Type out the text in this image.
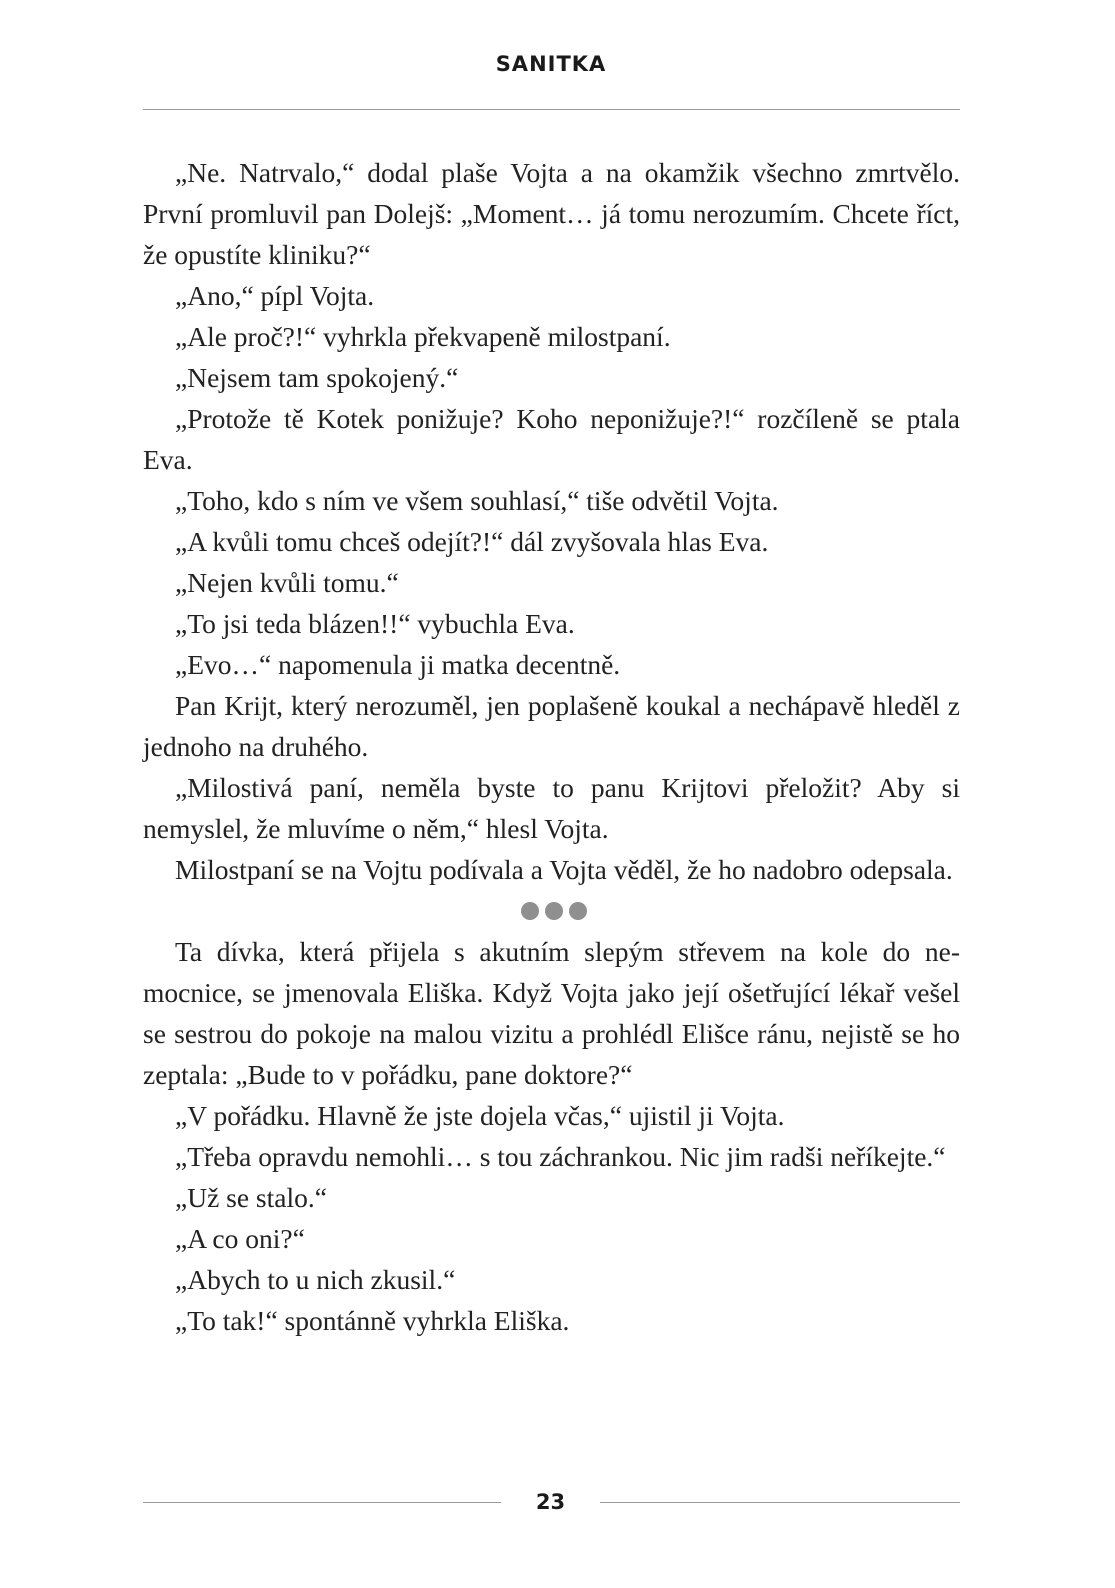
SANITKA

„Ne. Natrvalo,“ dodal plaše Vojta a na okamžik všechno zmrtvělo. První promluvil pan Dolejš: „Moment… já tomu nerozumím. Chcete říct, že opustíte kliniku?“

„Ano,“ pípl Vojta.

„Ale proč?!“ vyhrkla překvapeně milostpaní.

„Nejsem tam spokojený.“

„Protože tě Kotek ponižuje? Koho neponižuje?!“ rozčíleně se ptala Eva.

„Toho, kdo s ním ve všem souhlasí,“ tiše odvětil Vojta.

„A kvůli tomu chceš odejít?!“ dál zvyšovala hlas Eva.

„Nejen kvůli tomu.“

„To jsi teda blázen!!“ vybuchla Eva.

„Evo…“ napomenula ji matka decentně.

Pan Krijt, který nerozuměl, jen poplašeně koukal a nechápavě hleděl z jednoho na druhého.

„Milostivá paní, neměla byste to panu Krijtovi přeložit? Aby si nemyslel, že mluvíme o něm,“ hlesl Vojta.

Milostpaní se na Vojtu podívala a Vojta věděl, že ho nadobro odepsala.

Ta dívka, která přijela s akutním slepým střevem na kole do nemocnice, se jmenovala Eliška. Když Vojta jako její ošetřující lékař vešel se sestrou do pokoje na malou vizitu a prohlédl Elišce ránu, nejistě se ho zeptala: „Bude to v pořádku, pane doktore?“

„V pořádku. Hlavně že jste dojela včas,“ ujistil ji Vojta.

„Třeba opravdu nemohli… s tou záchrankou. Nic jim radši neříkejte.“

„Už se stalo.“

„A co oni?“

„Abych to u nich zkusil.“

„To tak!“ spontánně vyhrkla Eliška.

23
